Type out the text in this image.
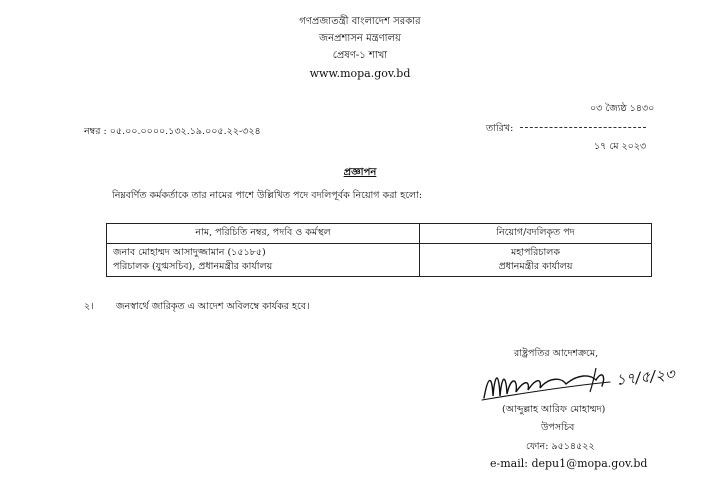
গণপ্রজাতন্ত্রী বাংলাদেশ সরকার
জনপ্রশাসন মন্ত্রণালয়
প্রেষণ-১ শাখা
www.mopa.gov.bd
০৩ জ্যৈষ্ঠ ১৪৩০
নম্বর : ০৫.০০.০০০০.১৩২.১৯.০০৫.২২-৩২৪	তারিখ:
১৭ মে ২০২৩
প্রজ্ঞাপন
নিম্নবর্ণিত কর্মকর্তাকে তার নামের পাশে উল্লিখিত পদে বদলিপূর্বক নিয়োগ করা হলো:
নাম, পরিচিতি নম্বর, পদবি ও কর্মস্থল	নিয়োগ/বদলিকৃত পদ

জনাব মোহাম্মদ আসাদুজ্জামান (১৫১৮৫)
পরিচালক (যুগ্মসচিব), প্রধানমন্ত্রীর কার্যালয়	মহাপরিচালক
প্রধানমন্ত্রীর কার্যালয়
২। জনস্বার্থে জারিকৃত এ আদেশ অবিলম্বে কার্যকর হবে।
রাষ্ট্রপতির আদেশক্রমে,
১৭/৫/২৩
(আব্দুল্লাহ আরিফ মোহাম্মদ)
উপসচিব
ফোন: ৯৫১৪৫২২
e-mail: depu1@mopa.gov.bd
